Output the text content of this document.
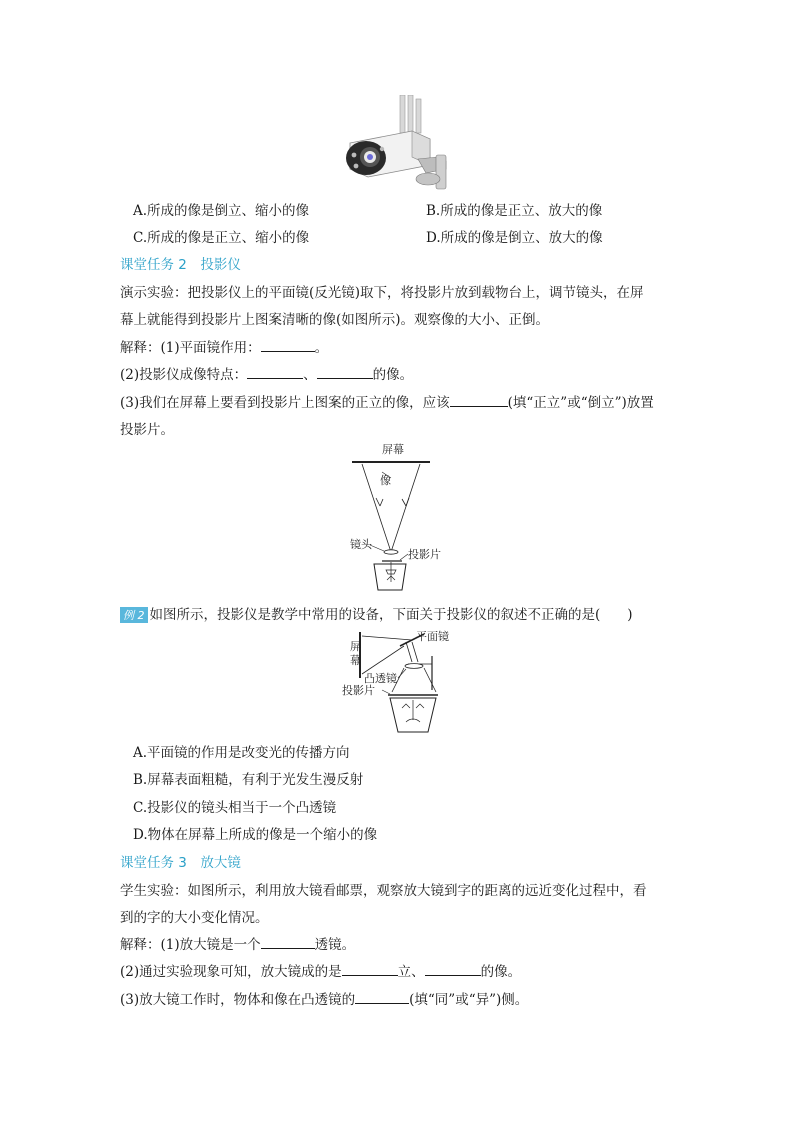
A.所成的像是倒立、缩小的像	B.所成的像是正立、放大的像
C.所成的像是正立、缩小的像	D.所成的像是倒立、放大的像
课堂任务 2　投影仪
演示实验：把投影仪上的平面镜(反光镜)取下，将投影片放到载物台上，调节镜头，在屏
幕上就能得到投影片上图案清晰的像(如图所示)。观察像的大小、正倒。
解释：(1)平面镜作用：	。
(2)投影仪成像特点：	、	的像。
(3)我们在屏幕上要看到投影片上图案的正立的像，应该	(填“正立”或“倒立”)放置
投影片。
屏幕
像
镜头
投影片
例 2 如图所示，投影仪是教学中常用的设备，下面关于投影仪的叙述不正确的是(　　)
屏
幕
平面镜
凸透镜
投影片
A.平面镜的作用是改变光的传播方向
B.屏幕表面粗糙，有利于光发生漫反射
C.投影仪的镜头相当于一个凸透镜
D.物体在屏幕上所成的像是一个缩小的像
课堂任务 3　放大镜
学生实验：如图所示，利用放大镜看邮票，观察放大镜到字的距离的远近变化过程中，看
到的字的大小变化情况。
解释：(1)放大镜是一个	透镜。
(2)通过实验现象可知，放大镜成的是	立、	的像。
(3)放大镜工作时，物体和像在凸透镜的	(填“同”或“异”)侧。
